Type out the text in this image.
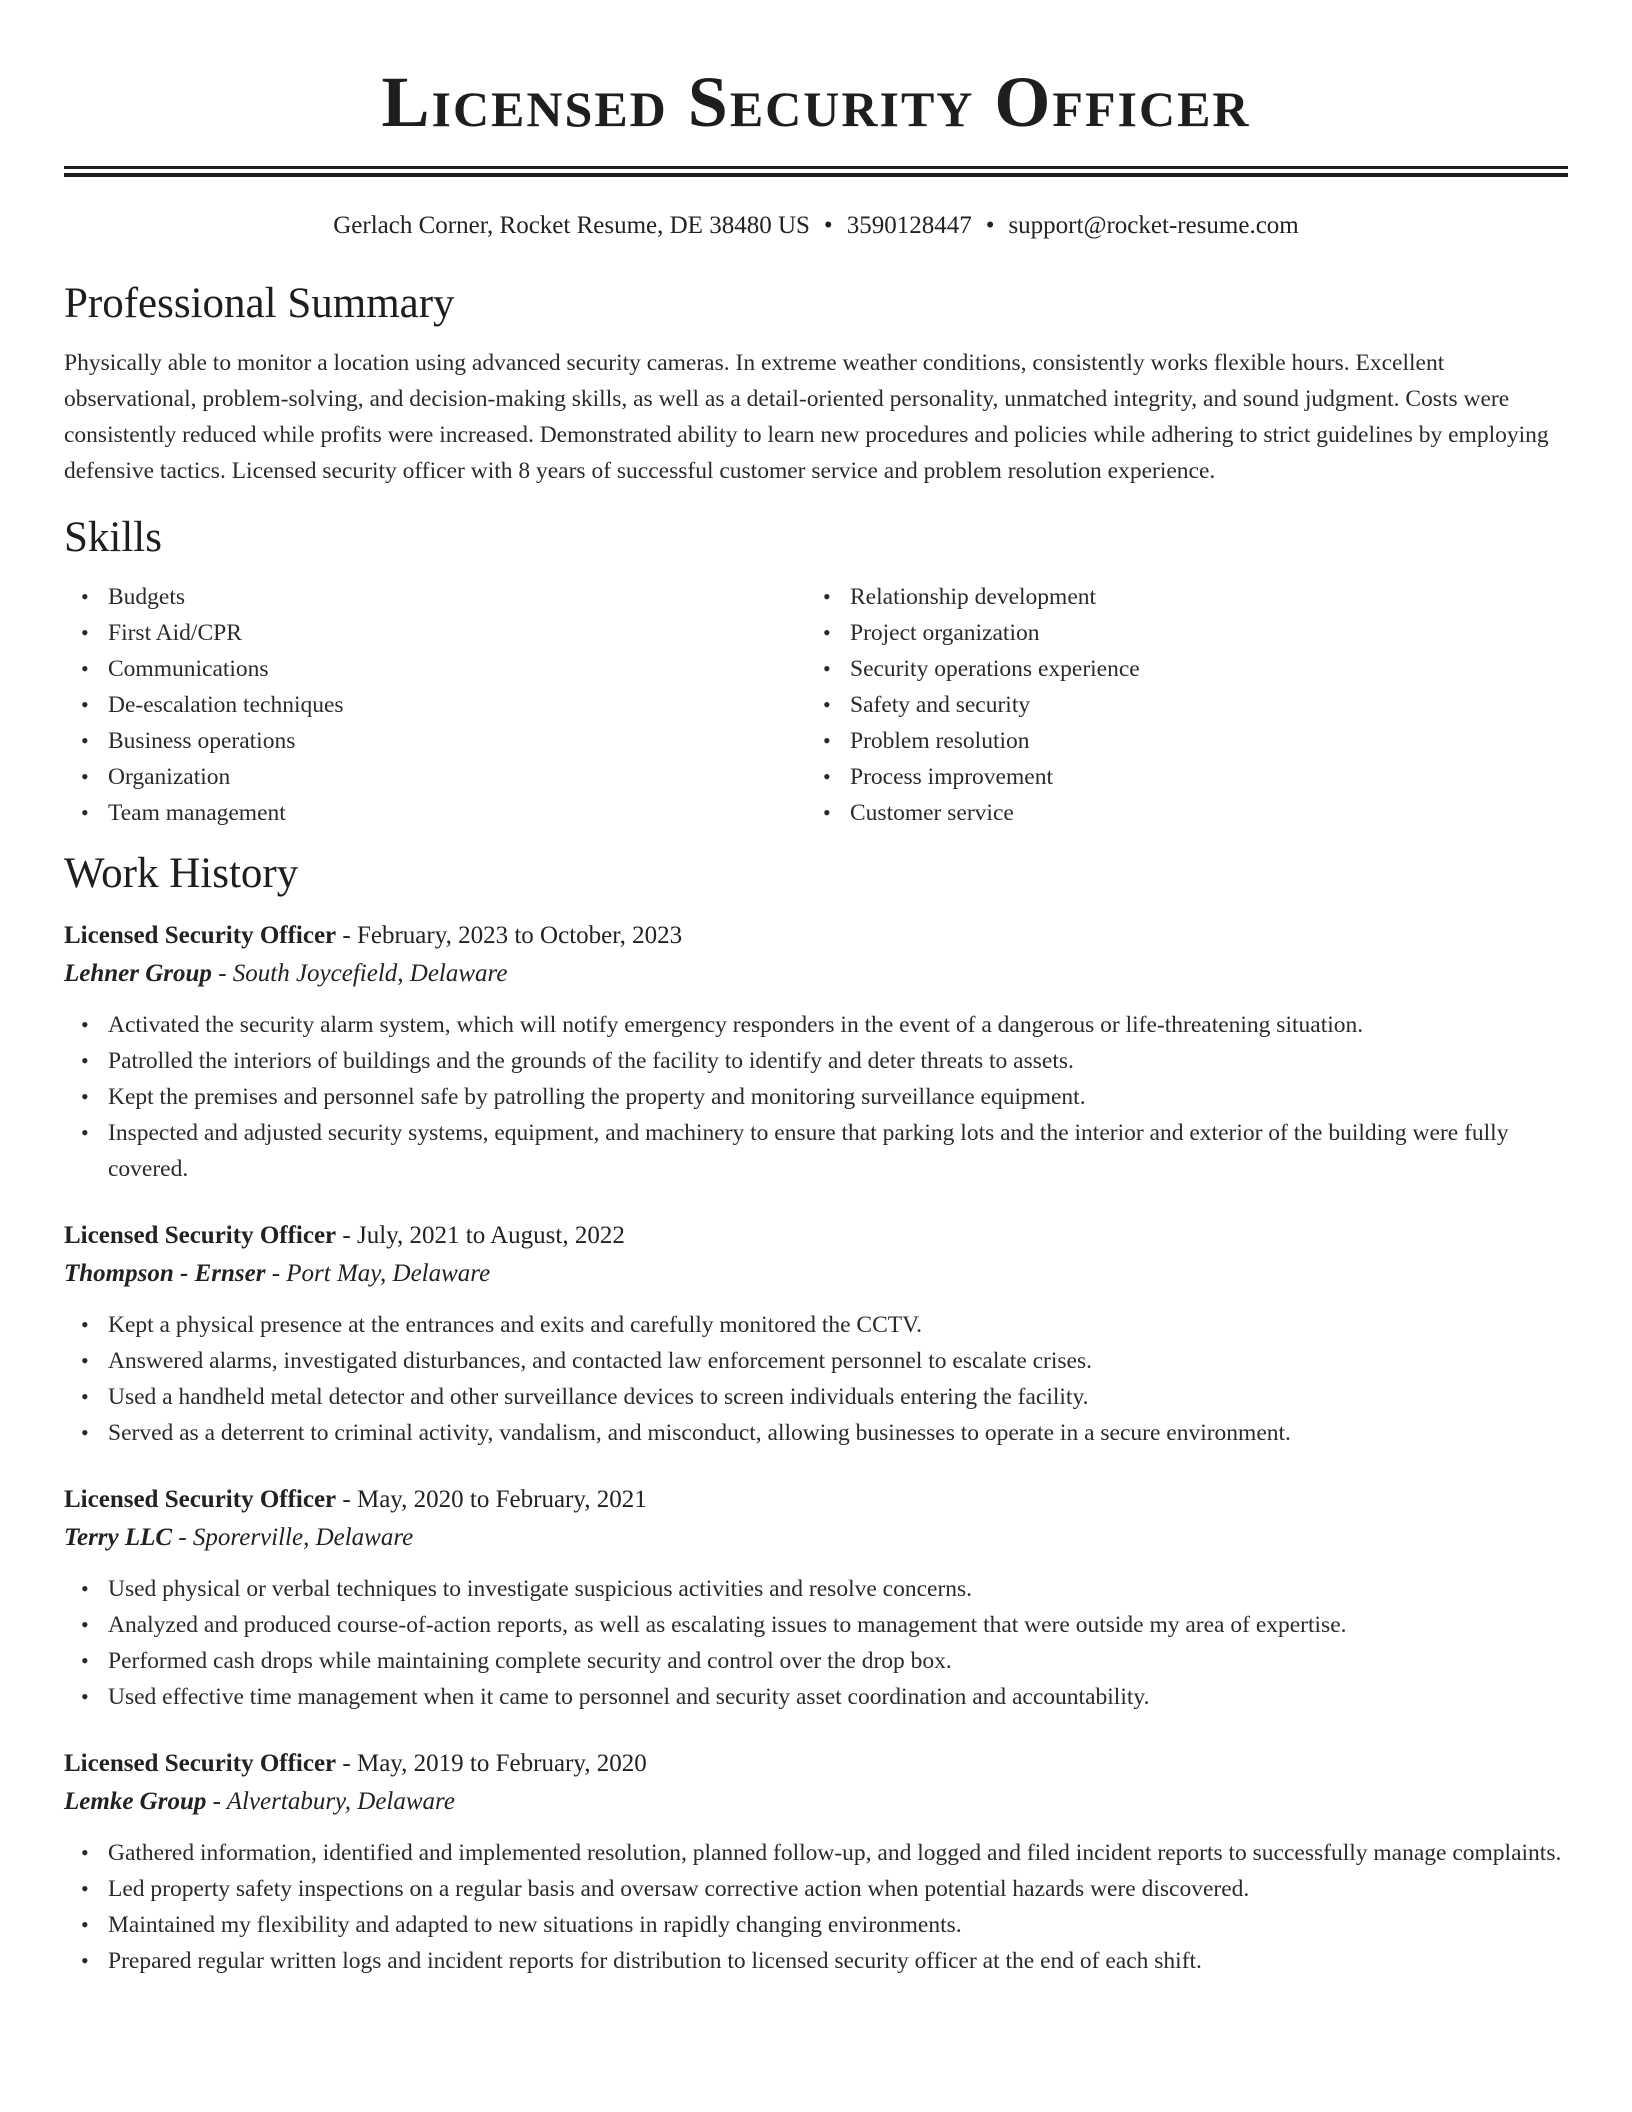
Licensed Security Officer
Gerlach Corner, Rocket Resume, DE 38480 US • 3590128447 • support@rocket-resume.com
Professional Summary
Physically able to monitor a location using advanced security cameras. In extreme weather conditions, consistently works flexible hours. Excellent observational, problem-solving, and decision-making skills, as well as a detail-oriented personality, unmatched integrity, and sound judgment. Costs were consistently reduced while profits were increased. Demonstrated ability to learn new procedures and policies while adhering to strict guidelines by employing defensive tactics. Licensed security officer with 8 years of successful customer service and problem resolution experience.
Skills
• Budgets
• First Aid/CPR
• Communications
• De-escalation techniques
• Business operations
• Organization
• Team management
• Relationship development
• Project organization
• Security operations experience
• Safety and security
• Problem resolution
• Process improvement
• Customer service
Work History
Licensed Security Officer - February, 2023 to October, 2023
Lehner Group - South Joycefield, Delaware
• Activated the security alarm system, which will notify emergency responders in the event of a dangerous or life-threatening situation.
• Patrolled the interiors of buildings and the grounds of the facility to identify and deter threats to assets.
• Kept the premises and personnel safe by patrolling the property and monitoring surveillance equipment.
• Inspected and adjusted security systems, equipment, and machinery to ensure that parking lots and the interior and exterior of the building were fully covered.
Licensed Security Officer - July, 2021 to August, 2022
Thompson - Ernser - Port May, Delaware
• Kept a physical presence at the entrances and exits and carefully monitored the CCTV.
• Answered alarms, investigated disturbances, and contacted law enforcement personnel to escalate crises.
• Used a handheld metal detector and other surveillance devices to screen individuals entering the facility.
• Served as a deterrent to criminal activity, vandalism, and misconduct, allowing businesses to operate in a secure environment.
Licensed Security Officer - May, 2020 to February, 2021
Terry LLC - Sporerville, Delaware
• Used physical or verbal techniques to investigate suspicious activities and resolve concerns.
• Analyzed and produced course-of-action reports, as well as escalating issues to management that were outside my area of expertise.
• Performed cash drops while maintaining complete security and control over the drop box.
• Used effective time management when it came to personnel and security asset coordination and accountability.
Licensed Security Officer - May, 2019 to February, 2020
Lemke Group - Alvertabury, Delaware
• Gathered information, identified and implemented resolution, planned follow-up, and logged and filed incident reports to successfully manage complaints.
• Led property safety inspections on a regular basis and oversaw corrective action when potential hazards were discovered.
• Maintained my flexibility and adapted to new situations in rapidly changing environments.
• Prepared regular written logs and incident reports for distribution to licensed security officer at the end of each shift.
